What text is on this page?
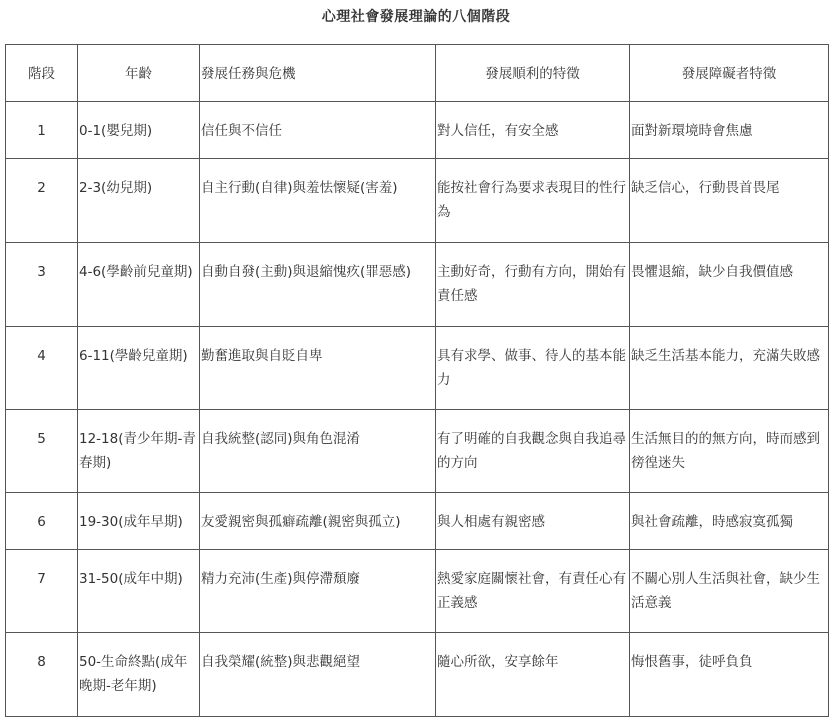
心理社會發展理論的八個階段
階段	年齡	發展任務與危機	發展順利的特徵	發展障礙者特徵
1	0-1(嬰兒期)	信任與不信任	對人信任，有安全感	面對新環境時會焦慮
2	2-3(幼兒期)	自主行動(自律)與羞怯懷疑(害羞)	能按社會行為要求表現目的性行為	缺乏信心，行動畏首畏尾
3	4-6(學齡前兒童期)	自動自發(主動)與退縮愧疚(罪惡感)	主動好奇，行動有方向，開始有責任感	畏懼退縮，缺少自我價值感
4	6-11(學齡兒童期)	勤奮進取與自貶自卑	具有求學、做事、待人的基本能力	缺乏生活基本能力，充滿失敗感
5	12-18(青少年期-青春期)	自我統整(認同)與角色混淆	有了明確的自我觀念與自我追尋的方向	生活無目的的無方向，時而感到徬徨迷失
6	19-30(成年早期)	友愛親密與孤癖疏離(親密與孤立)	與人相處有親密感	與社會疏離，時感寂寞孤獨
7	31-50(成年中期)	精力充沛(生產)與停滯頹廢	熱愛家庭關懷社會，有責任心有正義感	不關心別人生活與社會，缺少生活意義
8	50-生命終點(成年晚期-老年期)	自我榮耀(統整)與悲觀絕望	隨心所欲，安享餘年	悔恨舊事，徒呼負負
